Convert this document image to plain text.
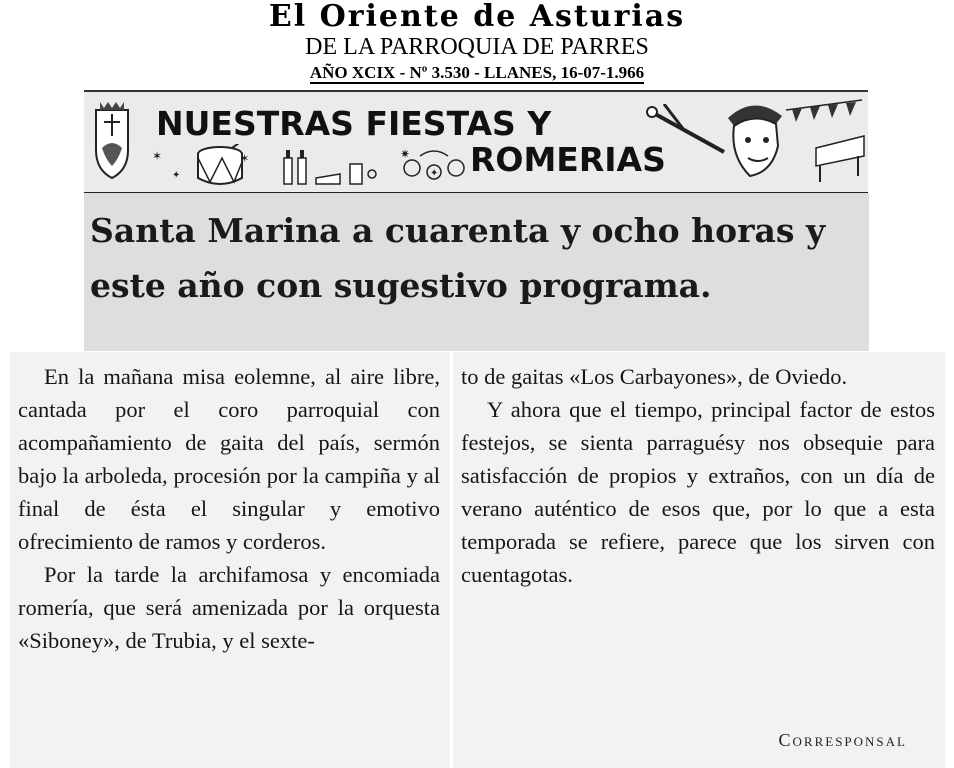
El Oriente de Asturias
DE LA PARROQUIA DE PARRES
AÑO XCIX - Nº 3.530 - LLANES, 16-07-1.966
NUESTRAS FIESTAS Y
✶
✦
✶	✷
✦ ROMERIAS
Santa Marina a cuarenta y ocho horas y este año con sugestivo programa.

En la mañana misa eolemne, al aire libre, cantada por el coro parroquial con acompañamiento de gaita del país, sermón bajo la arboleda, procesión por la campiña y al final de ésta el singular y emotivo ofrecimiento de ramos y corderos.

Por la tarde la archifamosa y encomiada romería, que será amenizada por la orquesta «Siboney», de Trubia, y el sexte-

to de gaitas «Los Carbayones», de Oviedo.

Y ahora que el tiempo, principal factor de estos festejos, se sienta parraguésy nos obsequie para satisfacción de propios y extraños, con un día de verano auténtico de esos que, por lo que a esta temporada se refiere, parece que los sirven con cuentagotas.

Corresponsal
